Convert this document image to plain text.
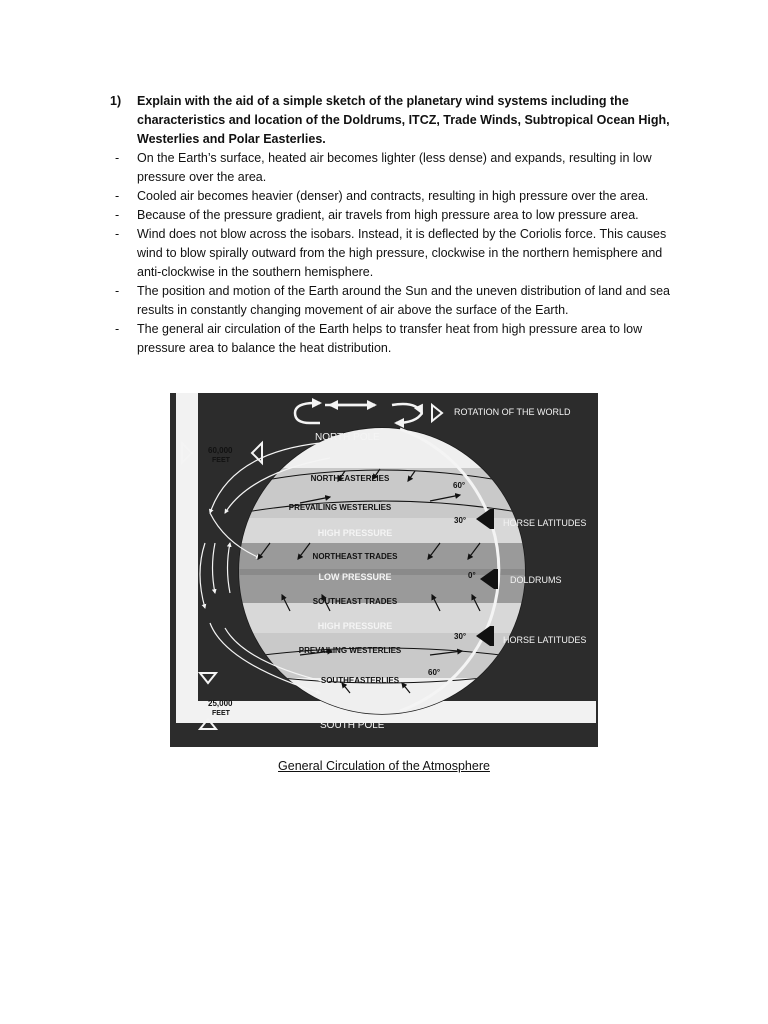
1) Explain with the aid of a simple sketch of the planetary wind systems including the characteristics and location of the Doldrums, ITCZ, Trade Winds, Subtropical Ocean High, Westerlies and Polar Easterlies.
- On the Earth’s surface, heated air becomes lighter (less dense) and expands, resulting in low pressure over the area.
- Cooled air becomes heavier (denser) and contracts, resulting in high pressure over the area.
- Because of the pressure gradient, air travels from high pressure area to low pressure area.
- Wind does not blow across the isobars. Instead, it is deflected by the Coriolis force. This causes wind to blow spirally outward from the high pressure, clockwise in the northern hemisphere and anti-clockwise in the southern hemisphere.
- The position and motion of the Earth around the Sun and the uneven distribution of land and sea results in constantly changing movement of air above the surface of the Earth.
- The general air circulation of the Earth helps to transfer heat from high pressure area to low pressure area to balance the heat distribution.
ROTATION OF THE WORLD
NORTH POLE
60,000
FEET
25,000
FEET
SOUTH POLE
HORSE LATITUDES
DOLDRUMS
HORSE LATITUDES
NORTHEASTERLIES
PREVAILING WESTERLIES
HIGH PRESSURE
NORTHEAST TRADES
LOW PRESSURE
SOUTHEAST TRADES
HIGH PRESSURE
PREVAILING WESTERLIES
SOUTHEASTERLIES
60°
30°
0°
30°
60°
General Circulation of the Atmosphere
